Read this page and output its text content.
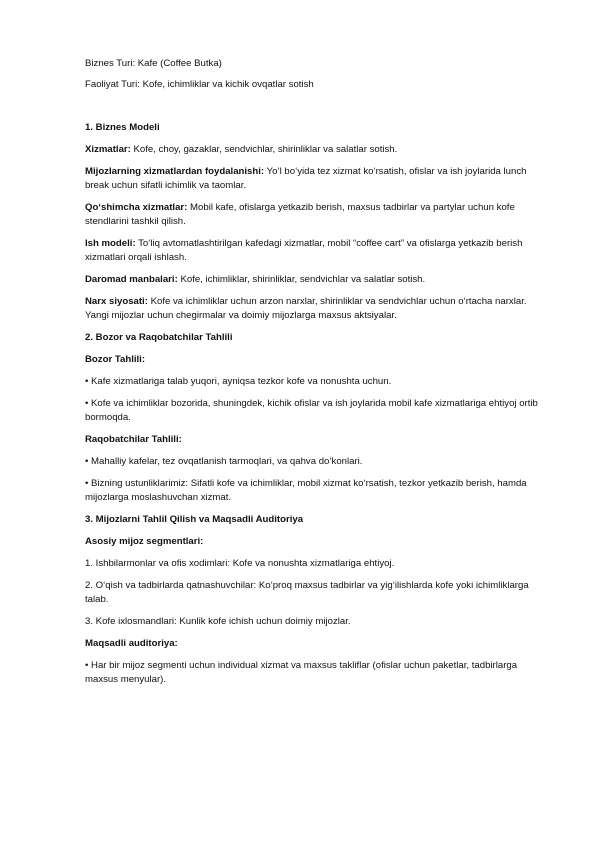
Biznes Turi: Kafe (Coffee Butka)

Faoliyat Turi: Kofe, ichimliklar va kichik ovqatlar sotish

1. Biznes Modeli

Xizmatlar: Kofe, choy, gazaklar, sendvichlar, shirinliklar va salatlar sotish.

Mijozlarning xizmatlardan foydalanishi: Yo‘l bo‘yida tez xizmat ko‘rsatish, ofislar va ish joylarida lunch break uchun sifatli ichimlik va taomlar.

Qo‘shimcha xizmatlar: Mobil kafe, ofislarga yetkazib berish, maxsus tadbirlar va partylar uchun kofe stendlarini tashkil qilish.

Ish modeli: To‘liq avtomatlashtirilgan kafedagi xizmatlar, mobil “coffee cart” va ofislarga yetkazib berish xizmatlari orqali ishlash.

Daromad manbalari: Kofe, ichimliklar, shirinliklar, sendvichlar va salatlar sotish.

Narx siyosati: Kofe va ichimliklar uchun arzon narxlar, shirinliklar va sendvichlar uchun o‘rtacha narxlar. Yangi mijozlar uchun chegirmalar va doimiy mijozlarga maxsus aktsiyalar.

2. Bozor va Raqobatchilar Tahlili

Bozor Tahlili:

• Kafe xizmatlariga talab yuqori, ayniqsa tezkor kofe va nonushta uchun.

• Kofe va ichimliklar bozorida, shuningdek, kichik ofislar va ish joylarida mobil kafe xizmatlariga ehtiyoj ortib bormoqda.

Raqobatchilar Tahlili:

• Mahalliy kafelar, tez ovqatlanish tarmoqlari, va qahva do‘konlari.

• Bizning ustunliklarimiz: Sifatli kofe va ichimliklar, mobil xizmat ko‘rsatish, tezkor yetkazib berish, hamda mijozlarga moslashuvchan xizmat.

3. Mijozlarni Tahlil Qilish va Maqsadli Auditoriya

Asosiy mijoz segmentlari:

1. Ishbilarmonlar va ofis xodimlari: Kofe va nonushta xizmatlariga ehtiyoj.

2. O‘qish va tadbirlarda qatnashuvchilar: Ko‘proq maxsus tadbirlar va yig‘ilishlarda kofe yoki ichimliklarga talab.

3. Kofe ixlosmandlari: Kunlik kofe ichish uchun doimiy mijozlar.

Maqsadli auditoriya:

• Har bir mijoz segmenti uchun individual xizmat va maxsus takliflar (ofislar uchun paketlar, tadbirlarga maxsus menyular).
